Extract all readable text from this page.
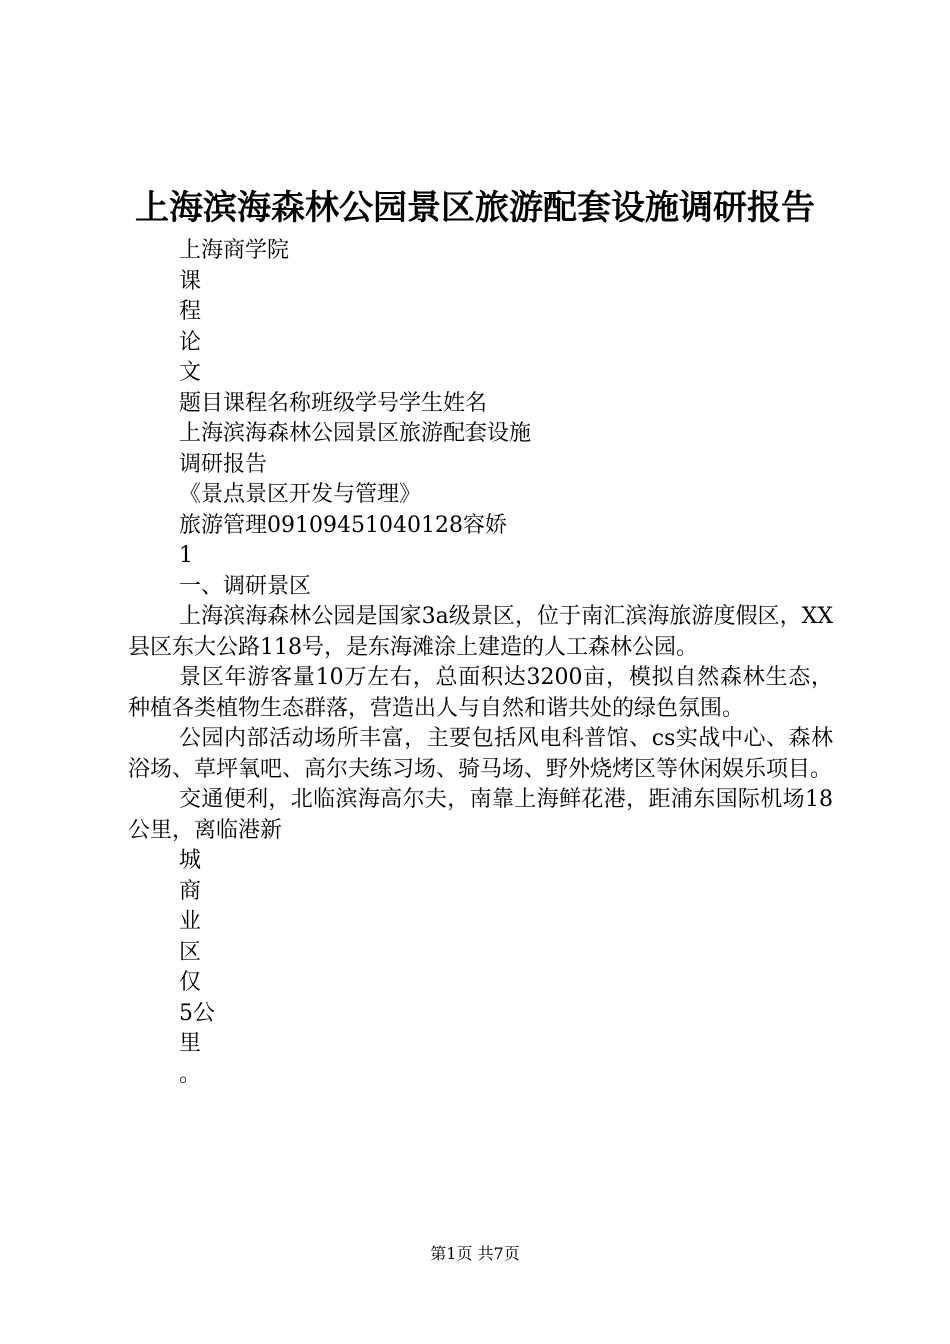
上海滨海森林公园景区旅游配套设施调研报告
上海商学院
课
程
论
文
题目课程名称班级学号学生姓名
上海滨海森林公园景区旅游配套设施
调研报告
《景点景区开发与管理》
旅游管理09109451040128容娇
1
一、调研景区

上海滨海森林公园是国家3a级景区，位于南汇滨海旅游度假区，XX县区东大公路118号，是东海滩涂上建造的人工森林公园。

景区年游客量10万左右，总面积达3200亩，模拟自然森林生态，种植各类植物生态群落，营造出人与自然和谐共处的绿色氛围。

公园内部活动场所丰富，主要包括风电科普馆、cs实战中心、森林浴场、草坪氧吧、高尔夫练习场、骑马场、野外烧烤区等休闲娱乐项目。

交通便利，北临滨海高尔夫，南靠上海鲜花港，距浦东国际机场18公里，离临港新

城
商
业
区
仅
5公
里
。
第1页 共7页
